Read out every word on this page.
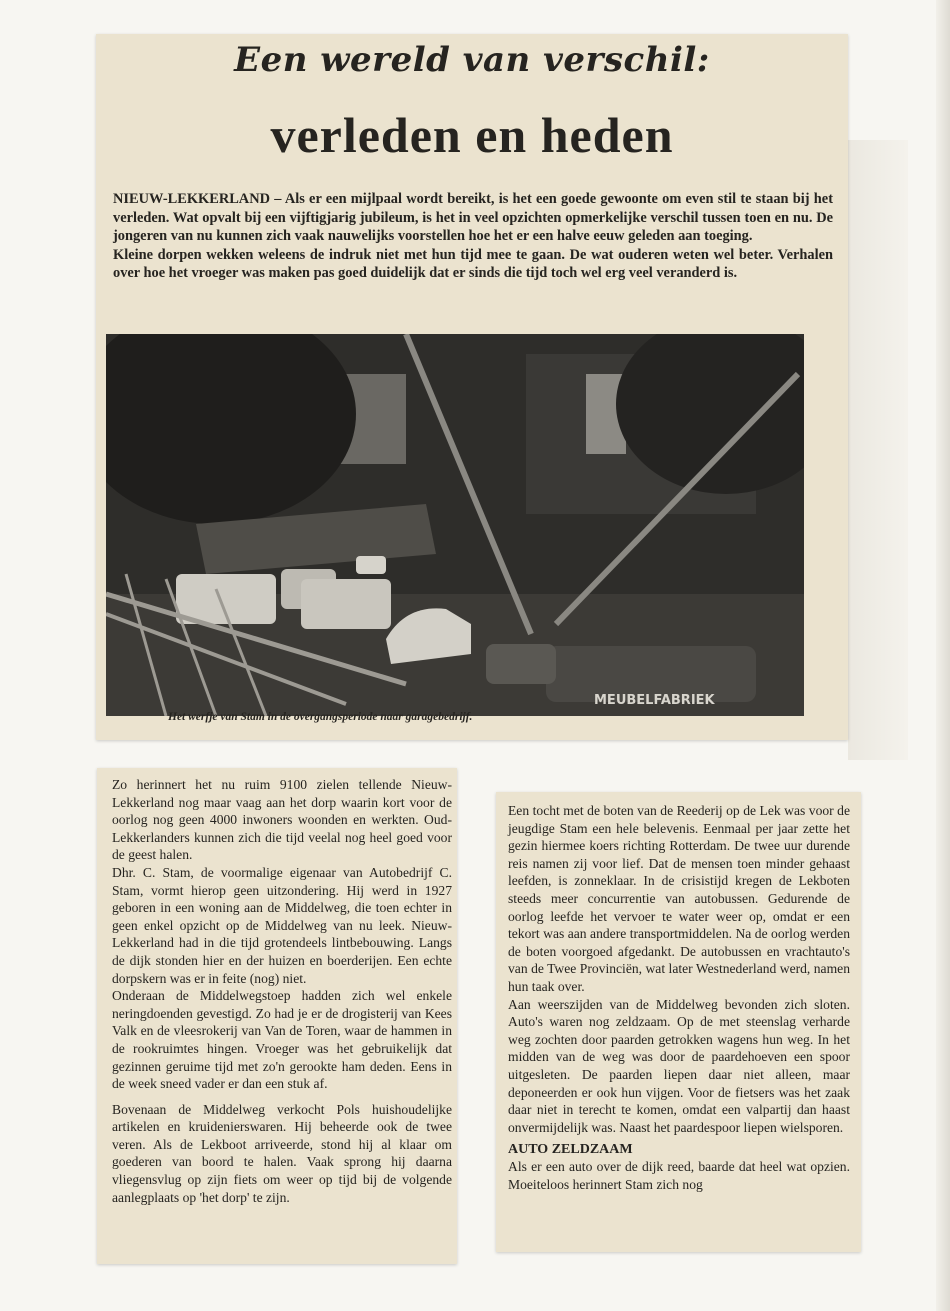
Een wereld van verschil:
verleden en heden

NIEUW-LEKKERLAND – Als er een mijlpaal wordt bereikt, is het een goede gewoonte om even stil te staan bij het verleden. Wat opvalt bij een vijftigjarig jubileum, is het in veel opzichten opmerkelijke verschil tussen toen en nu. De jongeren van nu kunnen zich vaak nauwelijks voorstellen hoe het er een halve eeuw geleden aan toeging.

Kleine dorpen wekken weleens de indruk niet met hun tijd mee te gaan. De wat ouderen weten wel beter. Verhalen over hoe het vroeger was maken pas goed duidelijk dat er sinds die tijd toch wel erg veel veranderd is.

MEUBELFABRIEK
Het werfje van Stam in de overgangsperiode naar garagebedrijf.

Zo herinnert het nu ruim 9100 zielen tellende Nieuw-Lekkerland nog maar vaag aan het dorp waarin kort voor de oorlog nog geen 4000 inwoners woonden en werkten. Oud-Lekkerlanders kunnen zich die tijd veelal nog heel goed voor de geest halen.

Dhr. C. Stam, de voormalige eigenaar van Autobedrijf C. Stam, vormt hierop geen uitzondering. Hij werd in 1927 geboren in een woning aan de Middelweg, die toen echter in geen enkel opzicht op de Middelweg van nu leek. Nieuw-Lekkerland had in die tijd grotendeels lintbebouwing. Langs de dijk stonden hier en der huizen en boerderijen. Een echte dorpskern was er in feite (nog) niet.

Onderaan de Middelwegstoep hadden zich wel enkele neringdoenden gevestigd. Zo had je er de drogisterij van Kees Valk en de vleesrokerij van Van de Toren, waar de hammen in de rookruimtes hingen. Vroeger was het gebruikelijk dat gezinnen geruime tijd met zo'n gerookte ham deden. Eens in de week sneed vader er dan een stuk af.

Bovenaan de Middelweg verkocht Pols huishoudelijke artikelen en kruidenierswaren. Hij beheerde ook de twee veren. Als de Lekboot arriveerde, stond hij al klaar om goederen van boord te halen. Vaak sprong hij daarna vliegensvlug op zijn fiets om weer op tijd bij de volgende aanlegplaats op 'het dorp' te zijn.

Een tocht met de boten van de Reederij op de Lek was voor de jeugdige Stam een hele belevenis. Eenmaal per jaar zette het gezin hiermee koers richting Rotterdam. De twee uur durende reis namen zij voor lief. Dat de mensen toen minder gehaast leefden, is zonneklaar. In de crisistijd kregen de Lekboten steeds meer concurrentie van autobussen. Gedurende de oorlog leefde het vervoer te water weer op, omdat er een tekort was aan andere transportmiddelen. Na de oorlog werden de boten voorgoed afgedankt. De autobussen en vrachtauto's van de Twee Provinciën, wat later Westnederland werd, namen hun taak over.

Aan weerszijden van de Middelweg bevonden zich sloten. Auto's waren nog zeldzaam. Op de met steenslag verharde weg zochten door paarden getrokken wagens hun weg. In het midden van de weg was door de paardehoeven een spoor uitgesleten. De paarden liepen daar niet alleen, maar deponeerden er ook hun vijgen. Voor de fietsers was het zaak daar niet in terecht te komen, omdat een valpartij dan haast onvermijdelijk was. Naast het paardespoor liepen wielsporen.

AUTO ZELDZAAM

Als er een auto over de dijk reed, baarde dat heel wat opzien. Moeiteloos herinnert Stam zich nog
